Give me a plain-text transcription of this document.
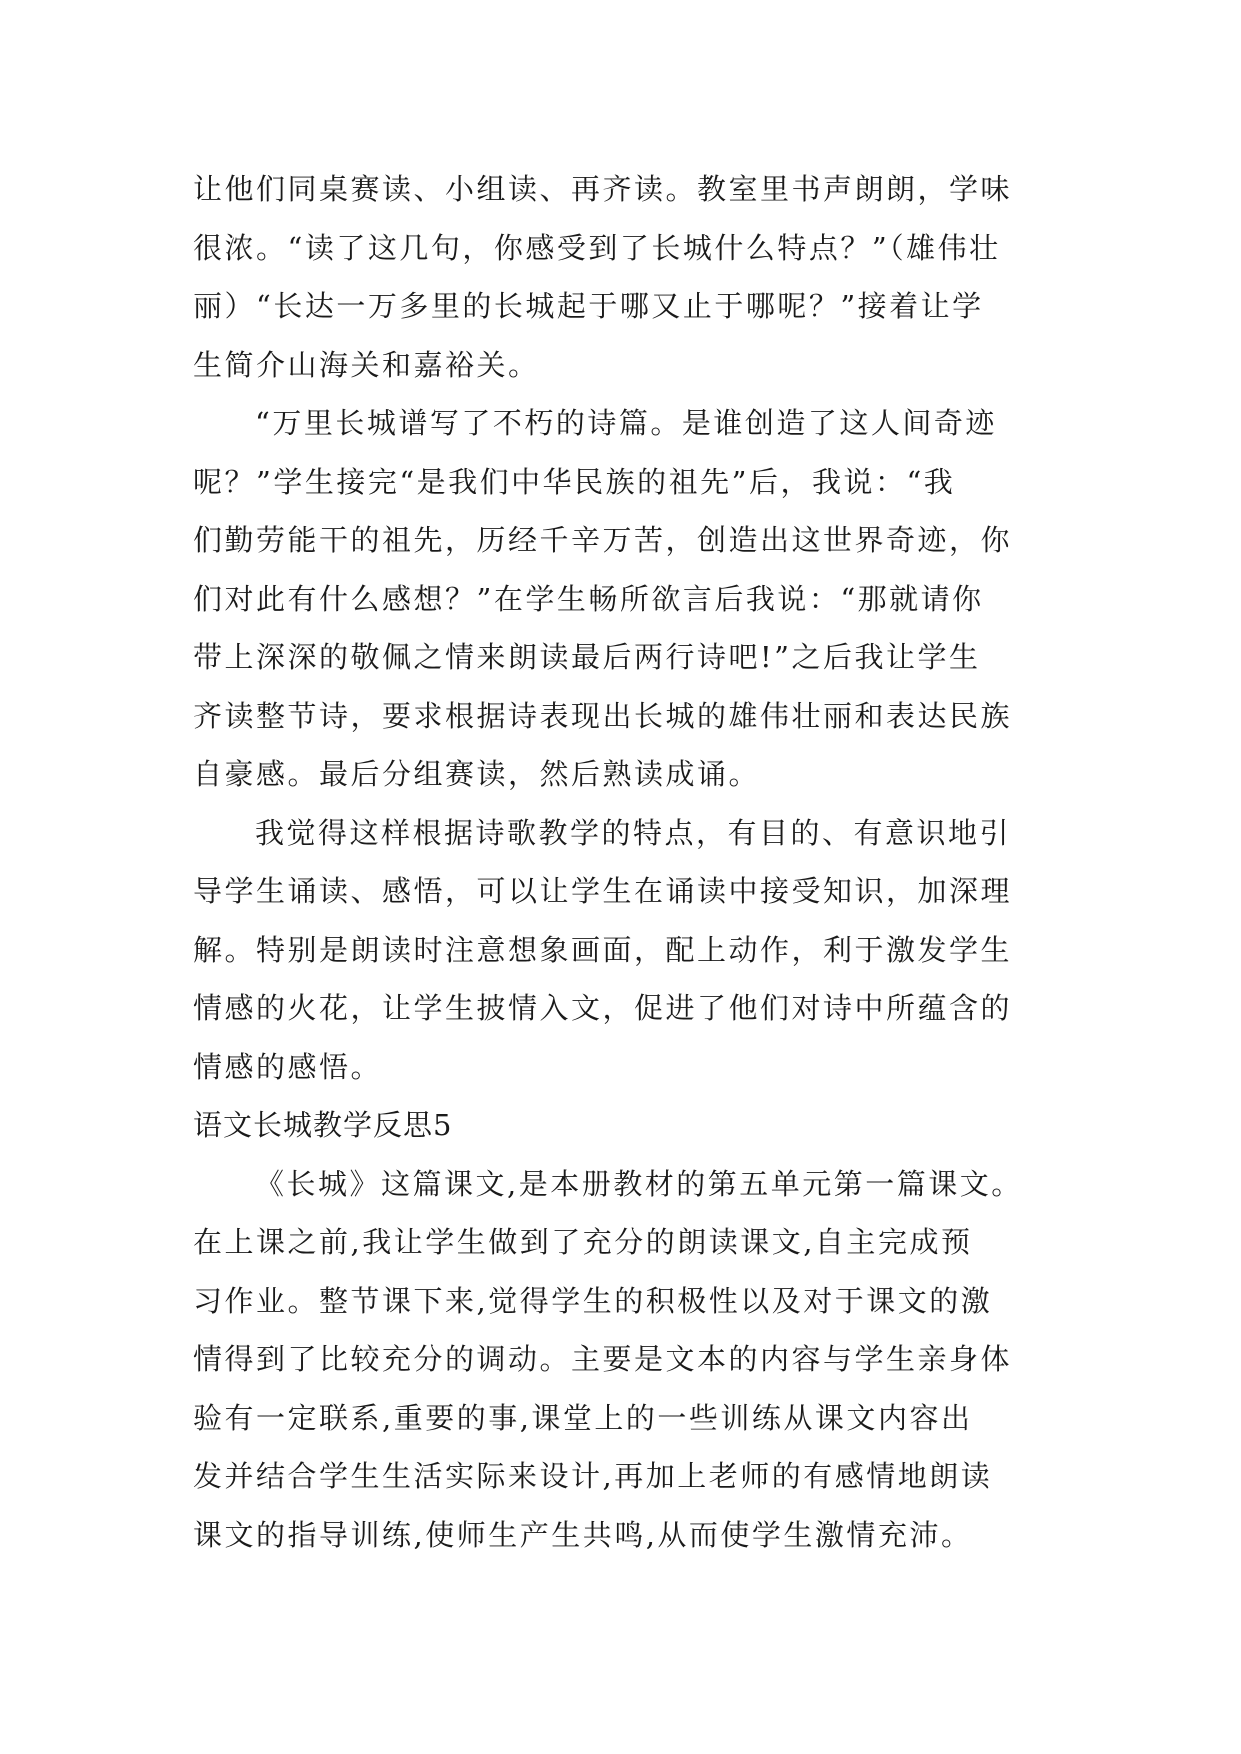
让他们同桌赛读、小组读、再齐读。教室里书声朗朗，学味
很浓。“读了这几句，你感受到了长城什么特点？”（雄伟壮
丽）“长达一万多里的长城起于哪又止于哪呢？”接着让学
生简介山海关和嘉裕关。
“万里长城谱写了不朽的诗篇。是谁创造了这人间奇迹
呢？”学生接完“是我们中华民族的祖先”后，我说：“我
们勤劳能干的祖先，历经千辛万苦，创造出这世界奇迹，你
们对此有什么感想？”在学生畅所欲言后我说：“那就请你
带上深深的敬佩之情来朗读最后两行诗吧!”之后我让学生
齐读整节诗，要求根据诗表现出长城的雄伟壮丽和表达民族
自豪感。最后分组赛读，然后熟读成诵。
我觉得这样根据诗歌教学的特点，有目的、有意识地引
导学生诵读、感悟，可以让学生在诵读中接受知识，加深理
解。特别是朗读时注意想象画面，配上动作，利于激发学生
情感的火花，让学生披情入文，促进了他们对诗中所蕴含的
情感的感悟。
语文长城教学反思5
《长城》这篇课文,是本册教材的第五单元第一篇课文。
在上课之前,我让学生做到了充分的朗读课文,自主完成预
习作业。整节课下来,觉得学生的积极性以及对于课文的激
情得到了比较充分的调动。主要是文本的内容与学生亲身体
验有一定联系,重要的事,课堂上的一些训练从课文内容出
发并结合学生生活实际来设计,再加上老师的有感情地朗读
课文的指导训练,使师生产生共鸣,从而使学生激情充沛。
